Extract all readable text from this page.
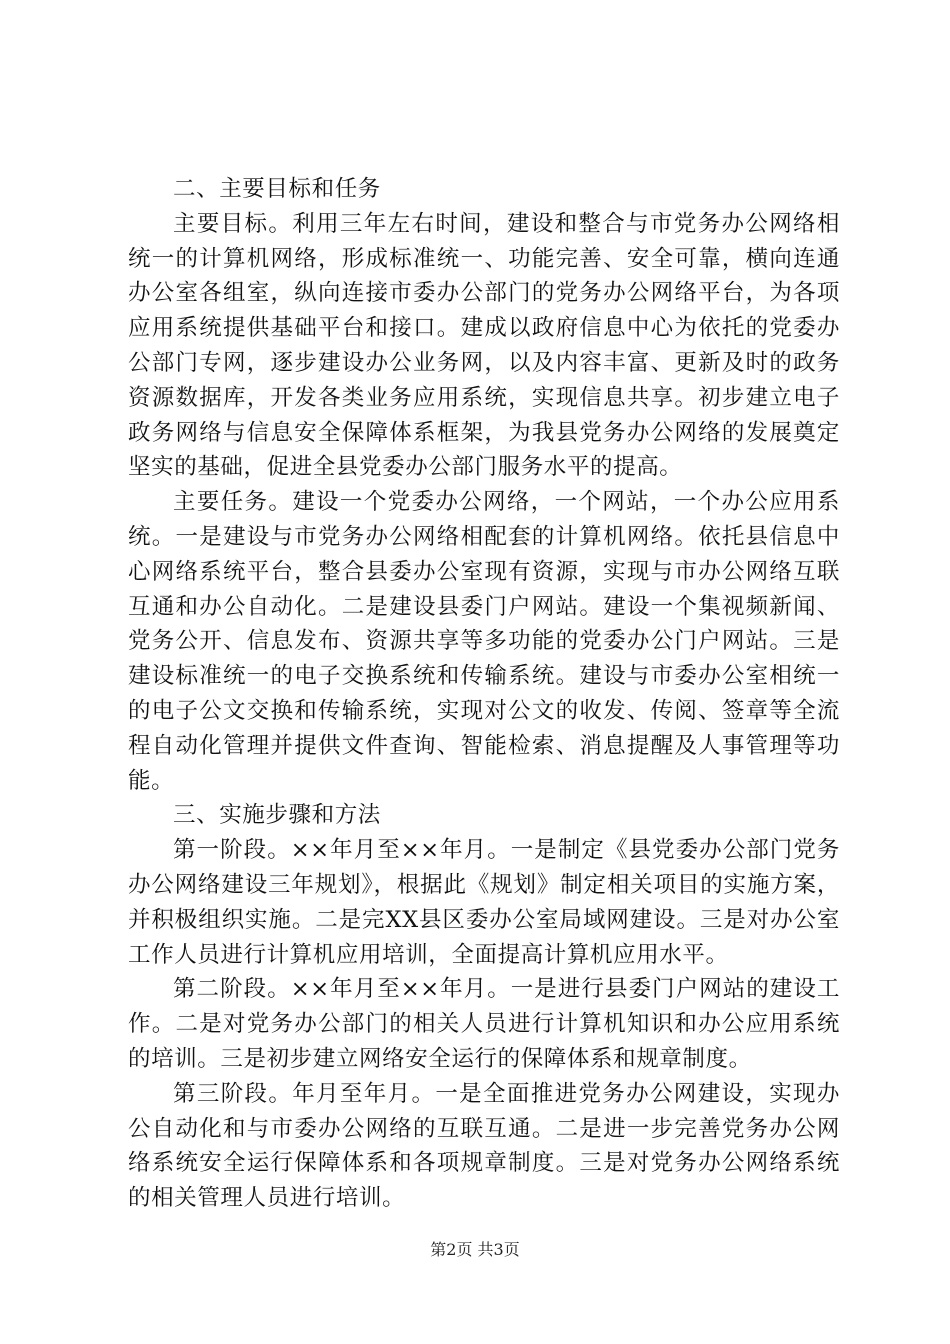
二、主要目标和任务

主要目标。利用三年左右时间，建设和整合与市党务办公网络相统一的计算机网络，形成标准统一、功能完善、安全可靠，横向连通办公室各组室，纵向连接市委办公部门的党务办公网络平台，为各项应用系统提供基础平台和接口。建成以政府信息中心为依托的党委办公部门专网，逐步建设办公业务网，以及内容丰富、更新及时的政务资源数据库，开发各类业务应用系统，实现信息共享。初步建立电子政务网络与信息安全保障体系框架，为我县党务办公网络的发展奠定坚实的基础，促进全县党委办公部门服务水平的提高。

主要任务。建设一个党委办公网络，一个网站，一个办公应用系统。一是建设与市党务办公网络相配套的计算机网络。依托县信息中心网络系统平台，整合县委办公室现有资源，实现与市办公网络互联互通和办公自动化。二是建设县委门户网站。建设一个集视频新闻、党务公开、信息发布、资源共享等多功能的党委办公门户网站。三是建设标准统一的电子交换系统和传输系统。建设与市委办公室相统一的电子公文交换和传输系统，实现对公文的收发、传阅、签章等全流程自动化管理并提供文件查询、智能检索、消息提醒及人事管理等功能。

三、实施步骤和方法

第一阶段。××年月至××年月。一是制定《县党委办公部门党务办公网络建设三年规划》，根据此《规划》制定相关项目的实施方案，并积极组织实施。二是完XX县区委办公室局域网建设。三是对办公室工作人员进行计算机应用培训，全面提高计算机应用水平。

第二阶段。××年月至××年月。一是进行县委门户网站的建设工作。二是对党务办公部门的相关人员进行计算机知识和办公应用系统的培训。三是初步建立网络安全运行的保障体系和规章制度。

第三阶段。年月至年月。一是全面推进党务办公网建设，实现办公自动化和与市委办公网络的互联互通。二是进一步完善党务办公网络系统安全运行保障体系和各项规章制度。三是对党务办公网络系统的相关管理人员进行培训。

第2页 共3页
